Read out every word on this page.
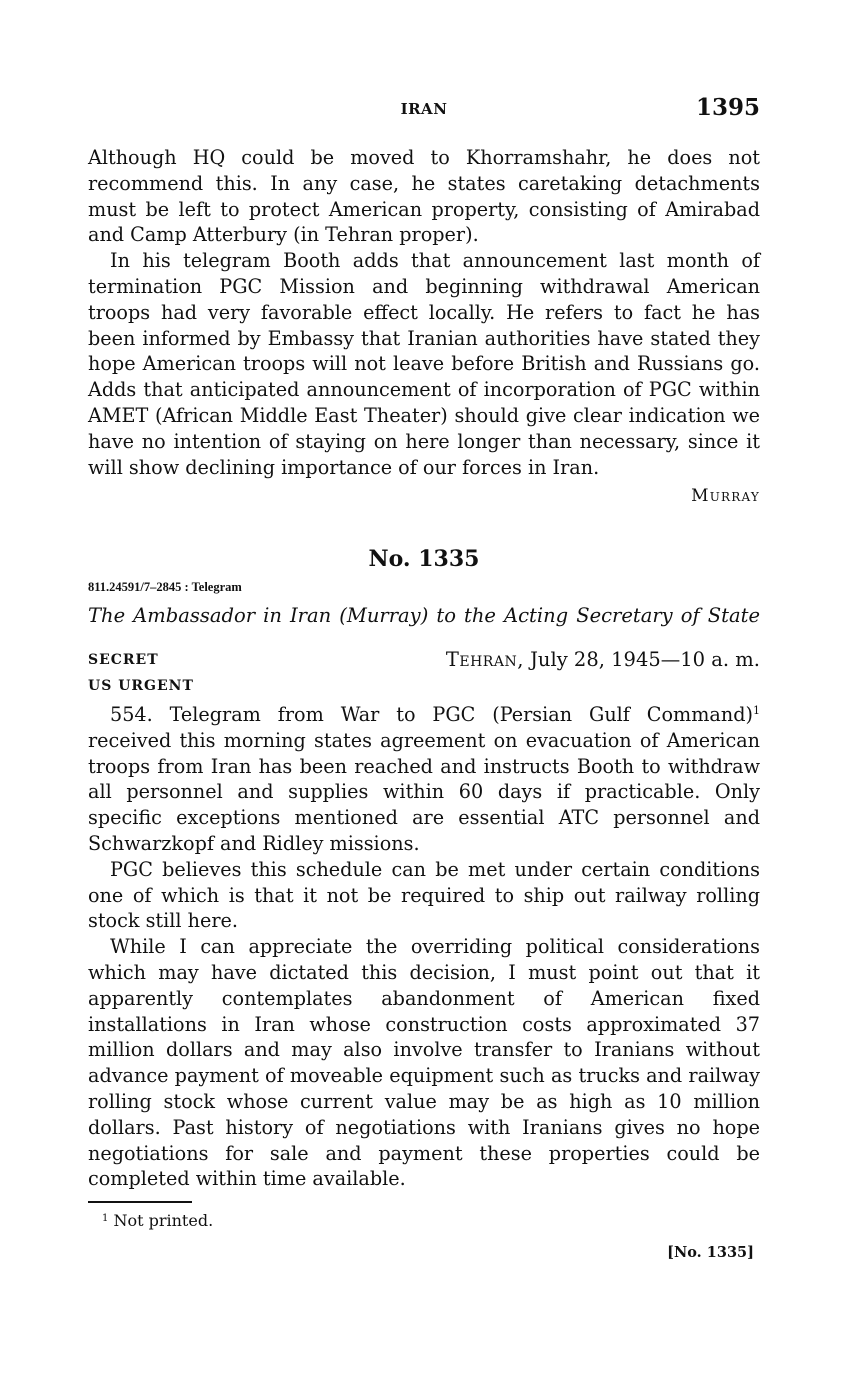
IRAN	1395

Although HQ could be moved to Khorramshahr, he does not recommend this. In any case, he states caretaking detachments must be left to protect American property, consisting of Amirabad and Camp Atterbury (in Tehran proper).

In his telegram Booth adds that announcement last month of termination PGC Mission and beginning withdrawal American troops had very favorable effect locally. He refers to fact he has been informed by Embassy that Iranian authorities have stated they hope American troops will not leave before British and Russians go. Adds that anticipated announcement of incorporation of PGC within AMET (African Middle East Theater) should give clear indication we have no intention of staying on here longer than necessary, since it will show declining importance of our forces in Iran.

Murray
No. 1335
811.24591/7–2845 : Telegram
The Ambassador in Iran (Murray) to the Acting Secretary of State
SECRET	Tehran, July 28, 1945—10 a. m.
US URGENT

554. Telegram from War to PGC (Persian Gulf Command)$^1$ received this morning states agreement on evacuation of American troops from Iran has been reached and instructs Booth to withdraw all personnel and supplies within 60 days if practicable. Only specific exceptions mentioned are essential ATC personnel and Schwarzkopf and Ridley missions.

PGC believes this schedule can be met under certain conditions one of which is that it not be required to ship out railway rolling stock still here.

While I can appreciate the overriding political considerations which may have dictated this decision, I must point out that it apparently contemplates abandonment of American fixed installations in Iran whose construction costs approximated 37 million dollars and may also involve transfer to Iranians without advance payment of moveable equipment such as trucks and railway rolling stock whose current value may be as high as 10 million dollars. Past history of negotiations with Iranians gives no hope negotiations for sale and payment these properties could be completed within time available.

$^1$ Not printed.
[No. 1335]
